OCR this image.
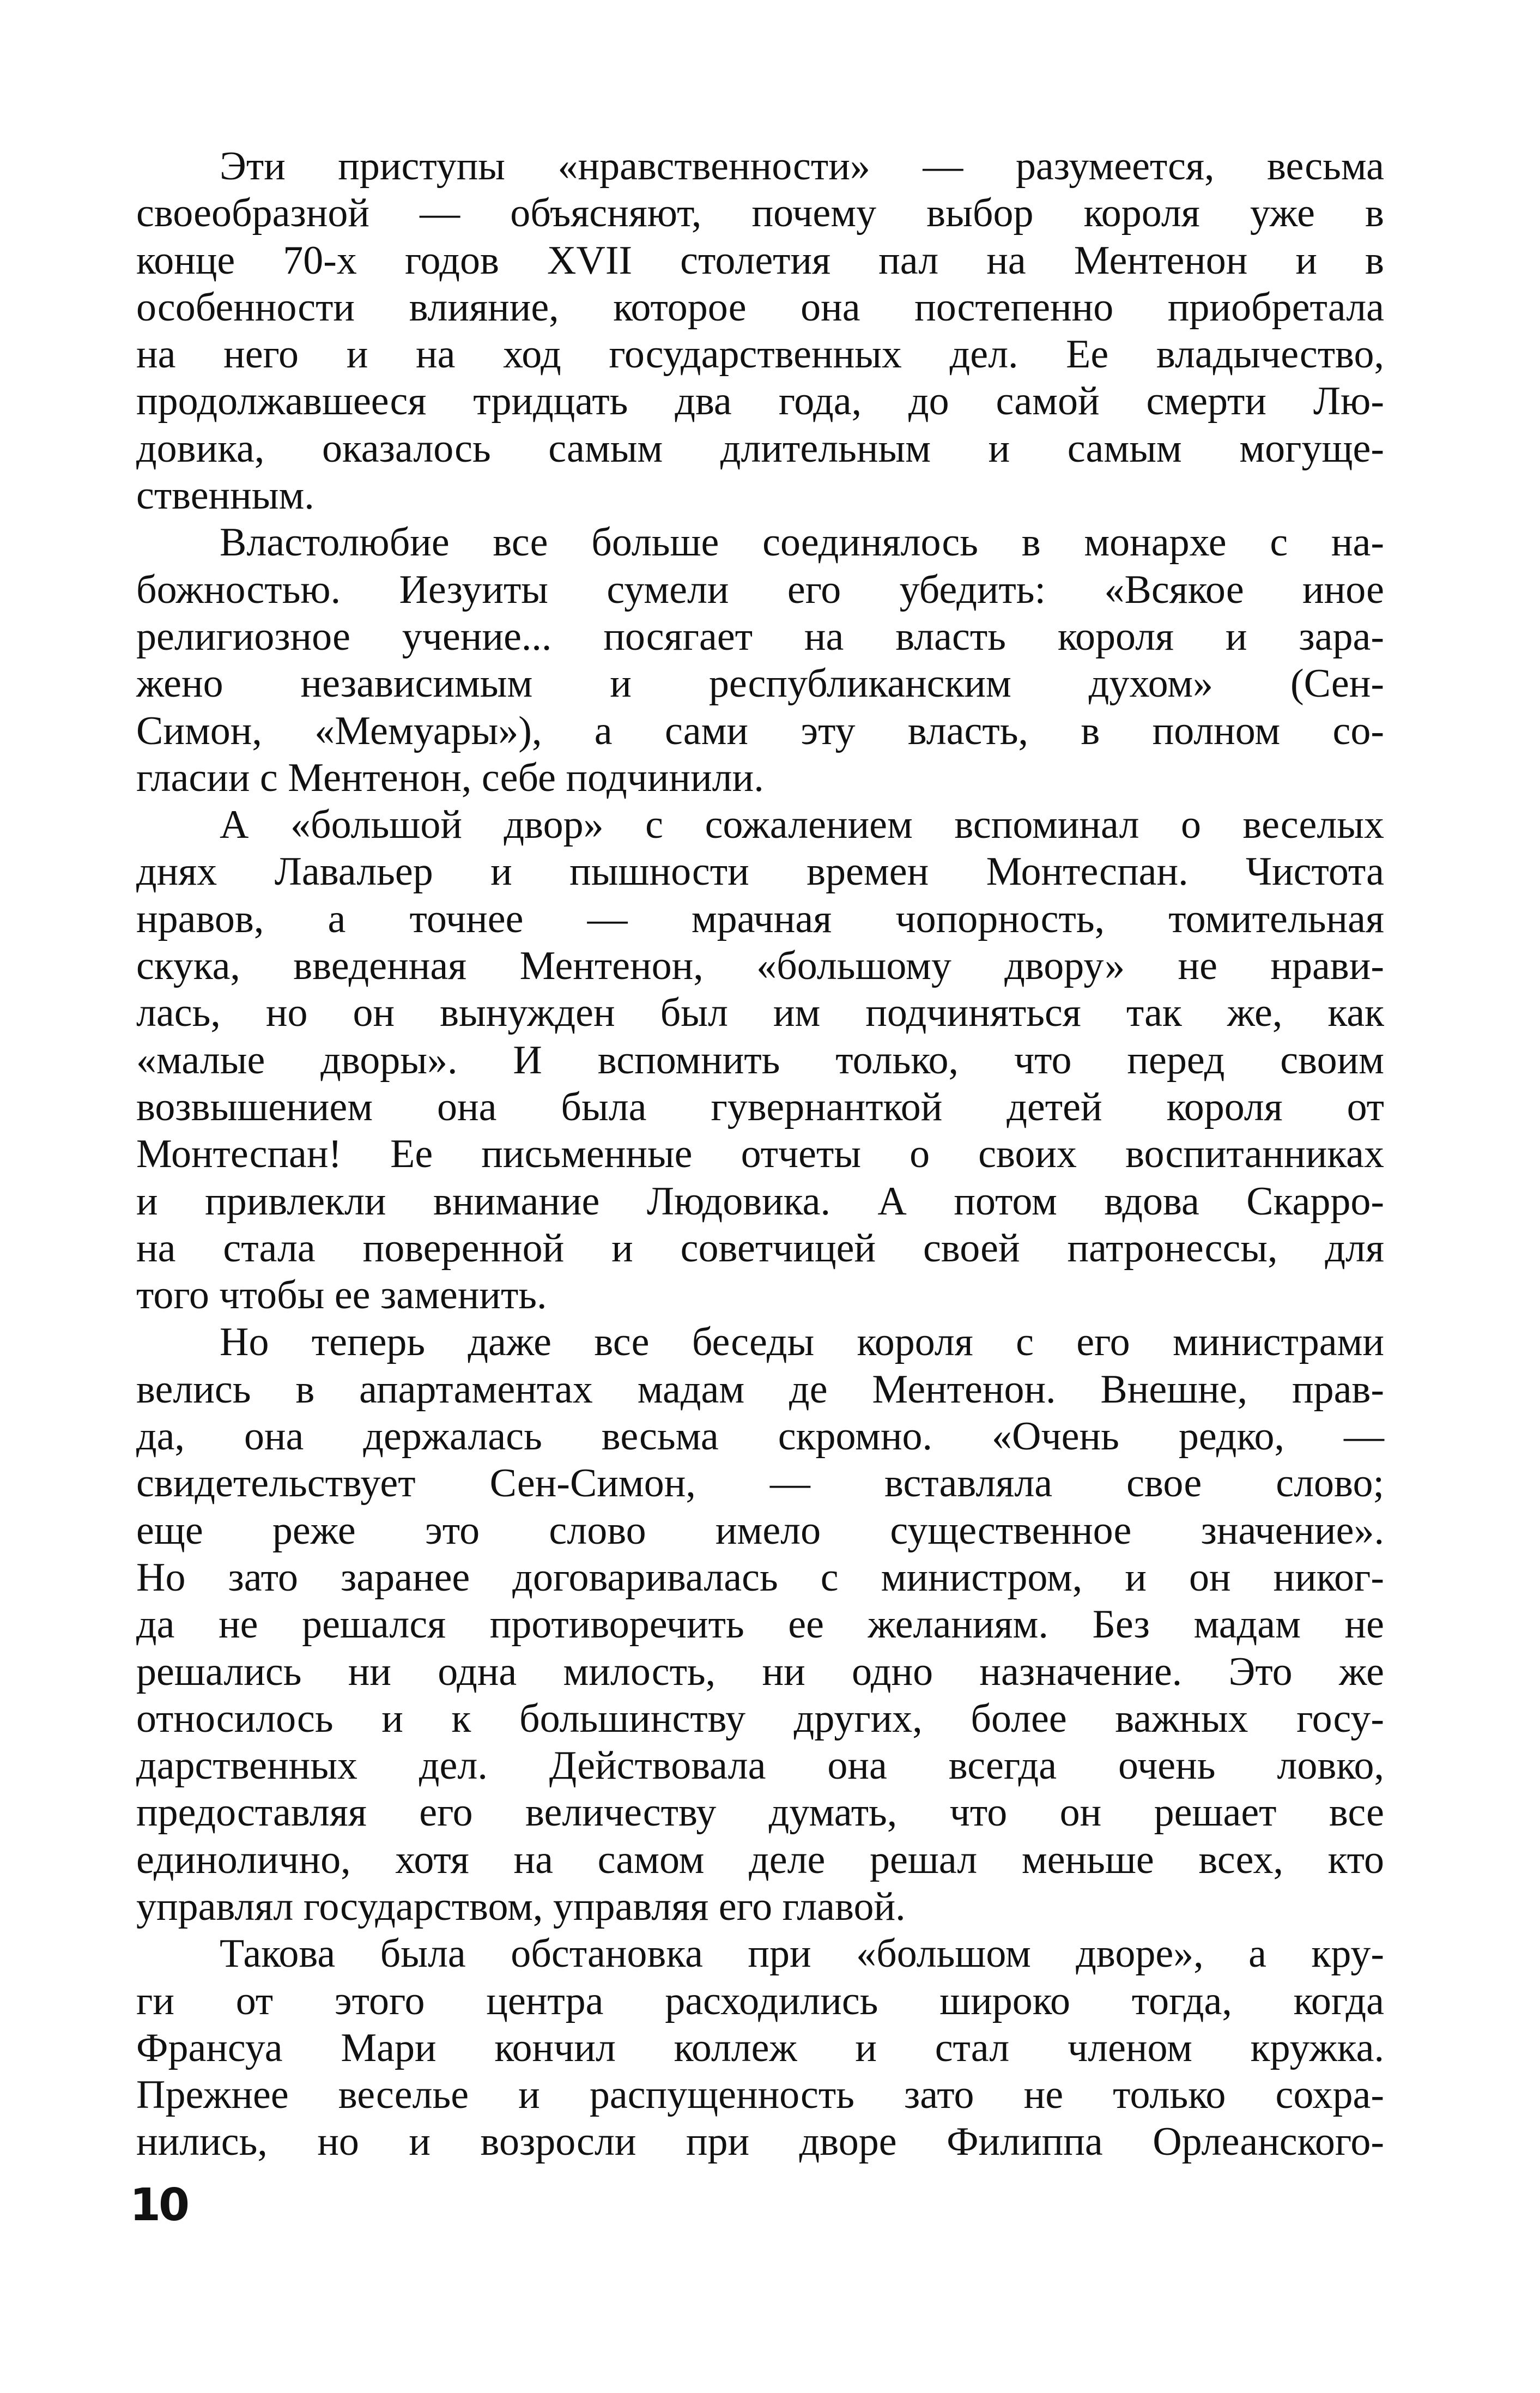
Эти приступы «нравственности» — разумеется, весьма
своеобразной — объясняют, почему выбор короля уже в
конце 70-х годов XVII столетия пал на Ментенон и в
особенности влияние, которое она постепенно приобретала
на него и на ход государственных дел. Ее владычество,
продолжавшееся тридцать два года, до самой смерти Лю-
довика, оказалось самым длительным и самым могуще-
ственным.

Властолюбие все больше соединялось в монархе с на-
божностью. Иезуиты сумели его убедить: «Всякое иное
религиозное учение... посягает на власть короля и зара-
жено независимым и республиканским духом» (Сен-
Симон, «Мемуары»), а сами эту власть, в полном со-
гласии с Ментенон, себе подчинили.

А «большой двор» с сожалением вспоминал о веселых
днях Лавальер и пышности времен Монтеспан. Чистота
нравов, а точнее — мрачная чопорность, томительная
скука, введенная Ментенон, «большому двору» не нрави-
лась, но он вынужден был им подчиняться так же, как
«малые дворы». И вспомнить только, что перед своим
возвышением она была гувернанткой детей короля от
Монтеспан! Ее письменные отчеты о своих воспитанниках
и привлекли внимание Людовика. А потом вдова Скарро-
на стала поверенной и советчицей своей патронессы, для
того чтобы ее заменить.

Но теперь даже все беседы короля с его министрами
велись в апартаментах мадам де Ментенон. Внешне, прав-
да, она держалась весьма скромно. «Очень редко, —
свидетельствует Сен-Симон, — вставляла свое слово;
еще реже это слово имело существенное значение».
Но зато заранее договаривалась с министром, и он никог-
да не решался противоречить ее желаниям. Без мадам не
решались ни одна милость, ни одно назначение. Это же
относилось и к большинству других, более важных госу-
дарственных дел. Действовала она всегда очень ловко,
предоставляя его величеству думать, что он решает все
единолично, хотя на самом деле решал меньше всех, кто
управлял государством, управляя его главой.

Такова была обстановка при «большом дворе», а кру-
ги от этого центра расходились широко тогда, когда
Франсуа Мари кончил коллеж и стал членом кружка.
Прежнее веселье и распущенность зато не только сохра-
нились, но и возросли при дворе Филиппа Орлеанского-

10
